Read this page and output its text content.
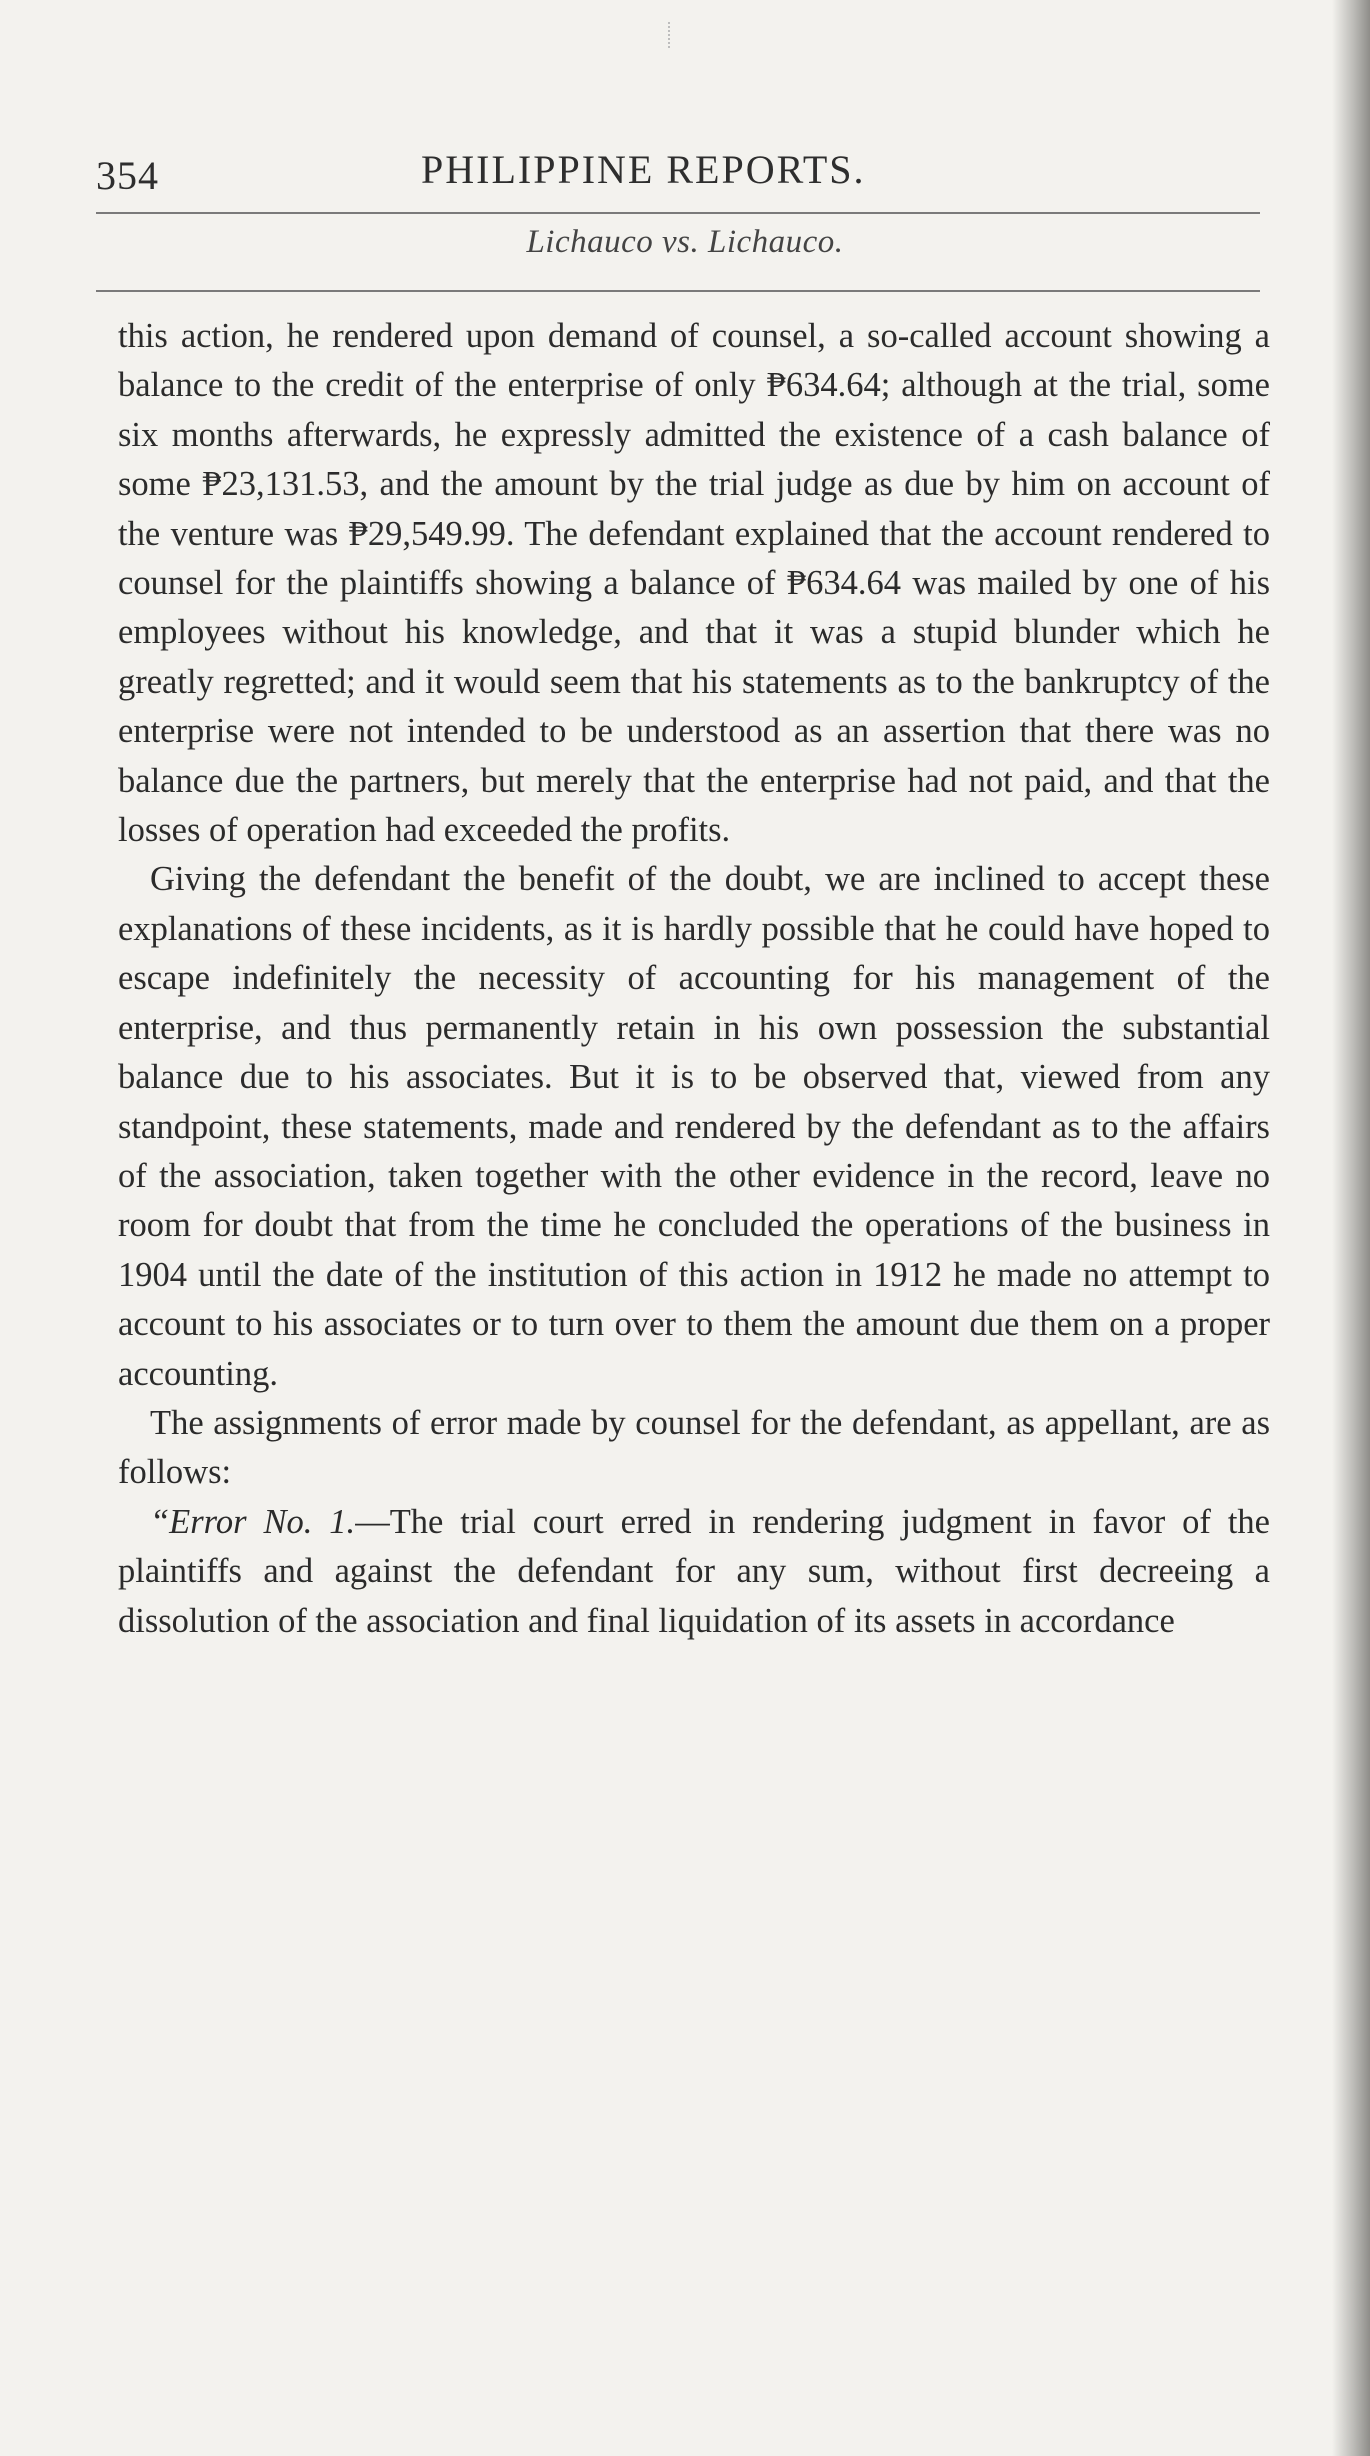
354	PHILIPPINE REPORTS.
Lichauco vs. Lichauco.

this action, he rendered upon demand of counsel, a so-called account showing a balance to the credit of the enterprise of only ₱634.64; although at the trial, some six months afterwards, he expressly admitted the existence of a cash balance of some ₱23,131.53, and the amount by the trial judge as due by him on account of the venture was ₱29,549.99. The defendant explained that the account rendered to counsel for the plaintiffs showing a balance of ₱634.64 was mailed by one of his employees without his knowledge, and that it was a stupid blunder which he greatly regretted; and it would seem that his statements as to the bankruptcy of the enterprise were not intended to be understood as an assertion that there was no balance due the partners, but merely that the enterprise had not paid, and that the losses of operation had exceeded the profits.

Giving the defendant the benefit of the doubt, we are inclined to accept these explanations of these incidents, as it is hardly possible that he could have hoped to escape indefinitely the necessity of accounting for his management of the enterprise, and thus permanently retain in his own possession the substantial balance due to his associates. But it is to be observed that, viewed from any standpoint, these statements, made and rendered by the defendant as to the affairs of the association, taken together with the other evidence in the record, leave no room for doubt that from the time he concluded the operations of the business in 1904 until the date of the institution of this action in 1912 he made no attempt to account to his associates or to turn over to them the amount due them on a proper accounting.

The assignments of error made by counsel for the defendant, as appellant, are as follows:

“Error No. 1.—The trial court erred in rendering judgment in favor of the plaintiffs and against the defendant for any sum, without first decreeing a dissolution of the association and final liquidation of its assets in accordance
